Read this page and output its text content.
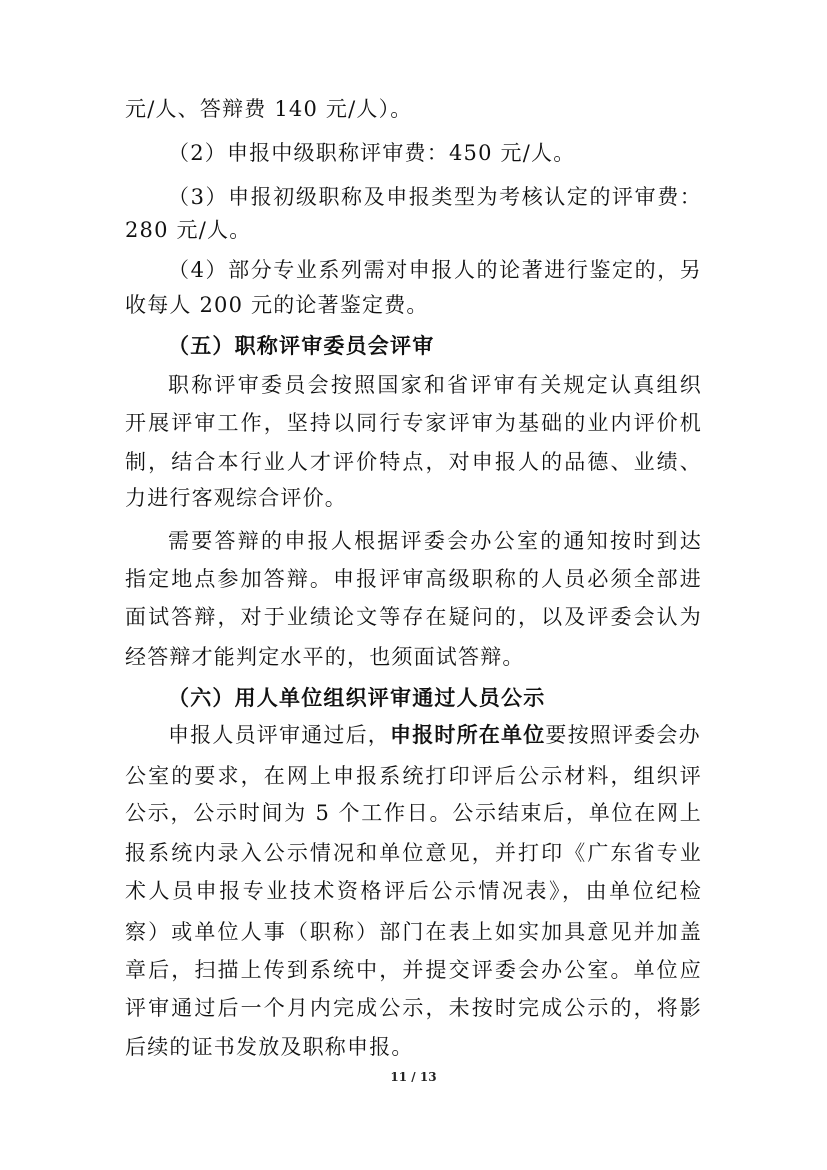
元/人、答辩费 140 元/人）。
（2）申报中级职称评审费：450 元/人。
（3）申报初级职称及申报类型为考核认定的评审费：
280 元/人。
（4）部分专业系列需对申报人的论著进行鉴定的，另
收每人 200 元的论著鉴定费。
（五）职称评审委员会评审
职称评审委员会按照国家和省评审有关规定认真组织
开展评审工作，坚持以同行专家评审为基础的业内评价机
制，结合本行业人才评价特点，对申报人的品德、业绩、
力进行客观综合评价。
需要答辩的申报人根据评委会办公室的通知按时到达
指定地点参加答辩。申报评审高级职称的人员必须全部进
面试答辩，对于业绩论文等存在疑问的，以及评委会认为
经答辩才能判定水平的，也须面试答辩。
（六）用人单位组织评审通过人员公示
申报人员评审通过后，申报时所在单位要按照评委会办
公室的要求，在网上申报系统打印评后公示材料，组织评
公示，公示时间为 5 个工作日。公示结束后，单位在网上
报系统内录入公示情况和单位意见，并打印《广东省专业
术人员申报专业技术资格评后公示情况表》，由单位纪检
察）或单位人事（职称）部门在表上如实加具意见并加盖
章后，扫描上传到系统中，并提交评委会办公室。单位应
评审通过后一个月内完成公示，未按时完成公示的，将影
后续的证书发放及职称申报。
11 / 13
